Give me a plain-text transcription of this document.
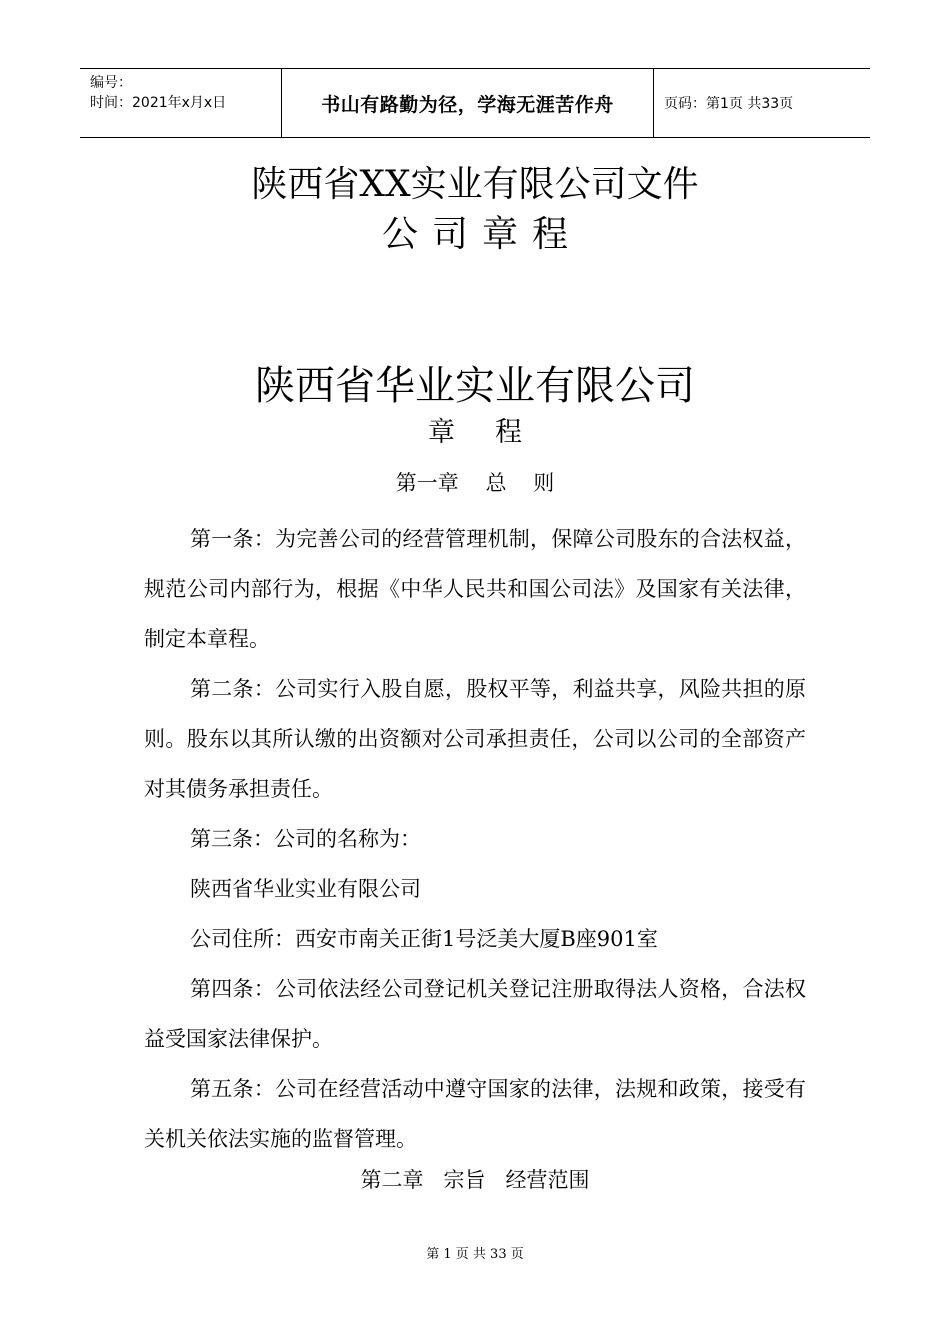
编号：
时间：2021年x月x日	书山有路勤为径，学海无涯苦作舟	页码：第1页 共33页
陕西省XX实业有限公司文件
公司章程
陕西省华业实业有限公司
章程
第一章    总    则

第一条：为完善公司的经营管理机制，保障公司股东的合法权益，规范公司内部行为，根据《中华人民共和国公司法》及国家有关法律，制定本章程。

第二条：公司实行入股自愿，股权平等，利益共享，风险共担的原则。股东以其所认缴的出资额对公司承担责任，公司以公司的全部资产对其债务承担责任。

第三条：公司的名称为：

陕西省华业实业有限公司

公司住所：西安市南关正街1号泛美大厦B座901室

第四条：公司依法经公司登记机关登记注册取得法人资格，合法权益受国家法律保护。

第五条：公司在经营活动中遵守国家的法律，法规和政策，接受有关机关依法实施的监督管理。

第二章   宗旨   经营范围
第 1 页 共 33 页
